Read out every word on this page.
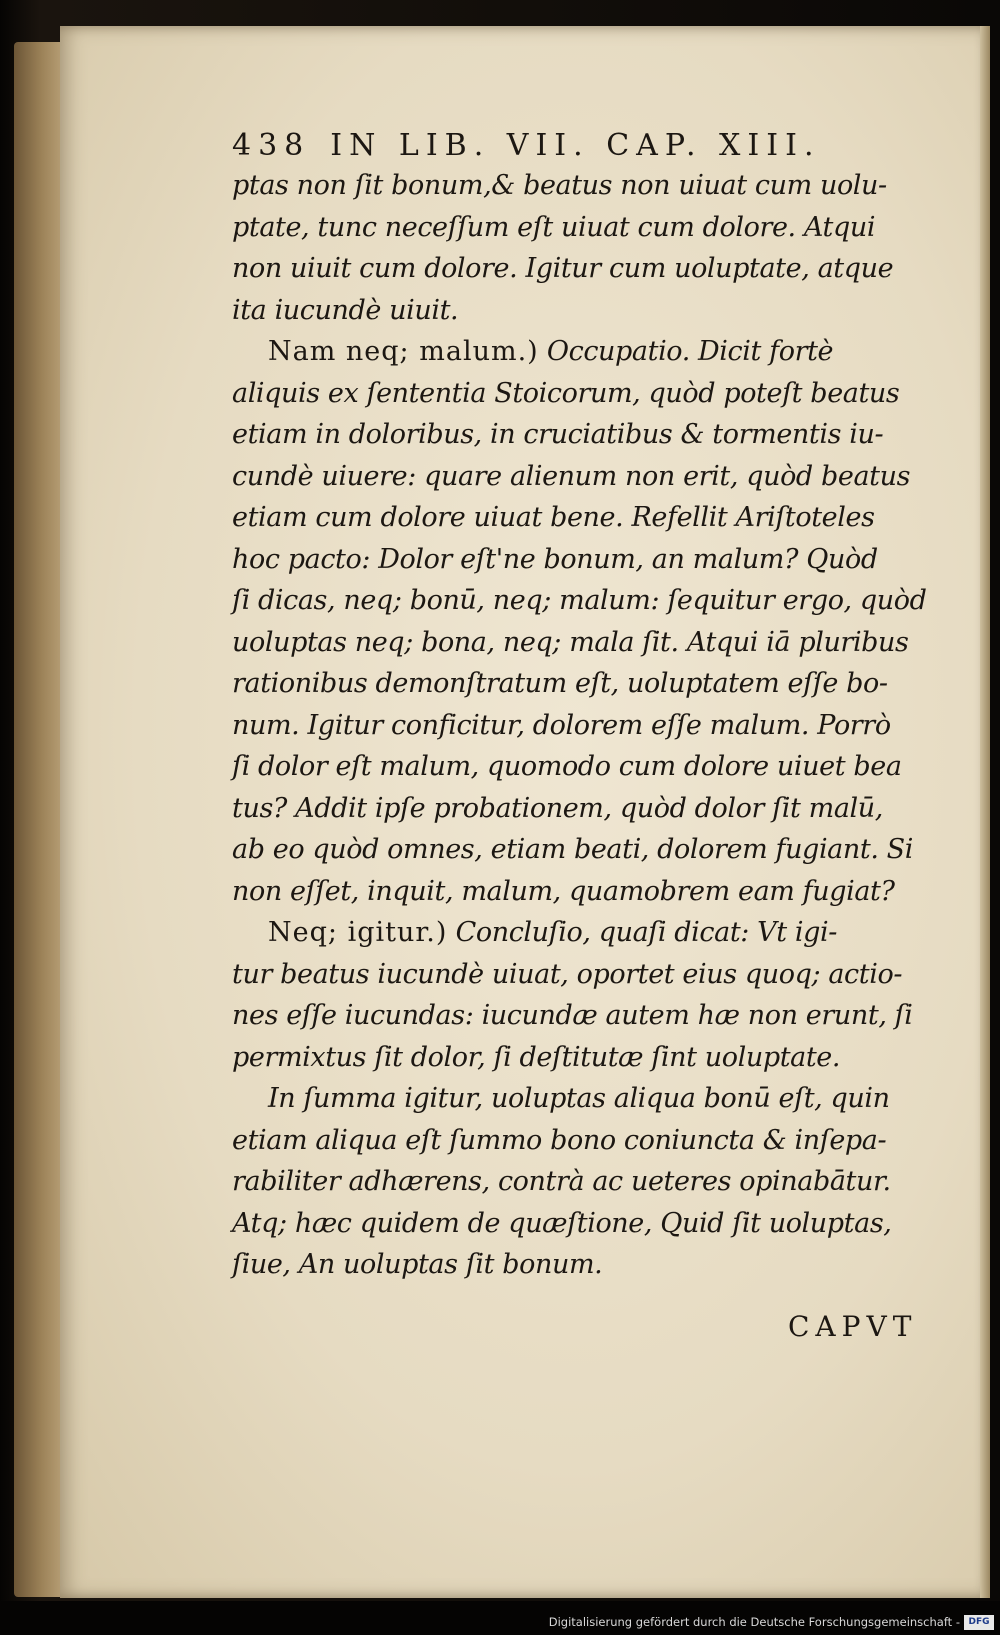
438 IN LIB. VII. CAP. XIII.
ptas non ſit bonum,& beatus non uiuat cum uolu-
ptate, tunc neceſſum eſt uiuat cum dolore. Atqui
non uiuit cum dolore. Igitur cum uoluptate, atque
ita iucundè uiuit.
Nam neq; malum.) Occupatio. Dicit fortè
aliquis ex ſententia Stoicorum, quòd poteſt beatus
etiam in doloribus, in cruciatibus & tormentis iu-
cundè uiuere: quare alienum non erit, quòd beatus
etiam cum dolore uiuat bene. Refellit Ariſtoteles
hoc pacto: Dolor eſt'ne bonum, an malum? Quòd
ſi dicas, neq; bonū, neq; malum: ſequitur ergo, quòd
uoluptas neq; bona, neq; mala ſit. Atqui iā pluribus
rationibus demonſtratum eſt, uoluptatem eſſe bo-
num. Igitur conficitur, dolorem eſſe malum. Porrò
ſi dolor eſt malum, quomodo cum dolore uiuet bea
tus? Addit ipſe probationem, quòd dolor ſit malū,
ab eo quòd omnes, etiam beati, dolorem fugiant. Si
non eſſet, inquit, malum, quamobrem eam fugiat?
Neq; igitur.) Concluſio, quaſi dicat: Vt igi-
tur beatus iucundè uiuat, oportet eius quoq; actio-
nes eſſe iucundas: iucundæ autem hæ non erunt, ſi
permixtus ſit dolor, ſi deſtitutæ ſint uoluptate.
In ſumma igitur, uoluptas aliqua bonū eſt, quin
etiam aliqua eſt ſummo bono coniuncta & inſepa-
rabiliter adhærens, contrà ac ueteres opinabātur.
Atq; hæc quidem de quæſtione, Quid ſit uoluptas,
ſiue, An uoluptas ſit bonum.
CAPVT
Digitalisierung gefördert durch die Deutsche Forschungsgemeinschaft - DFG
